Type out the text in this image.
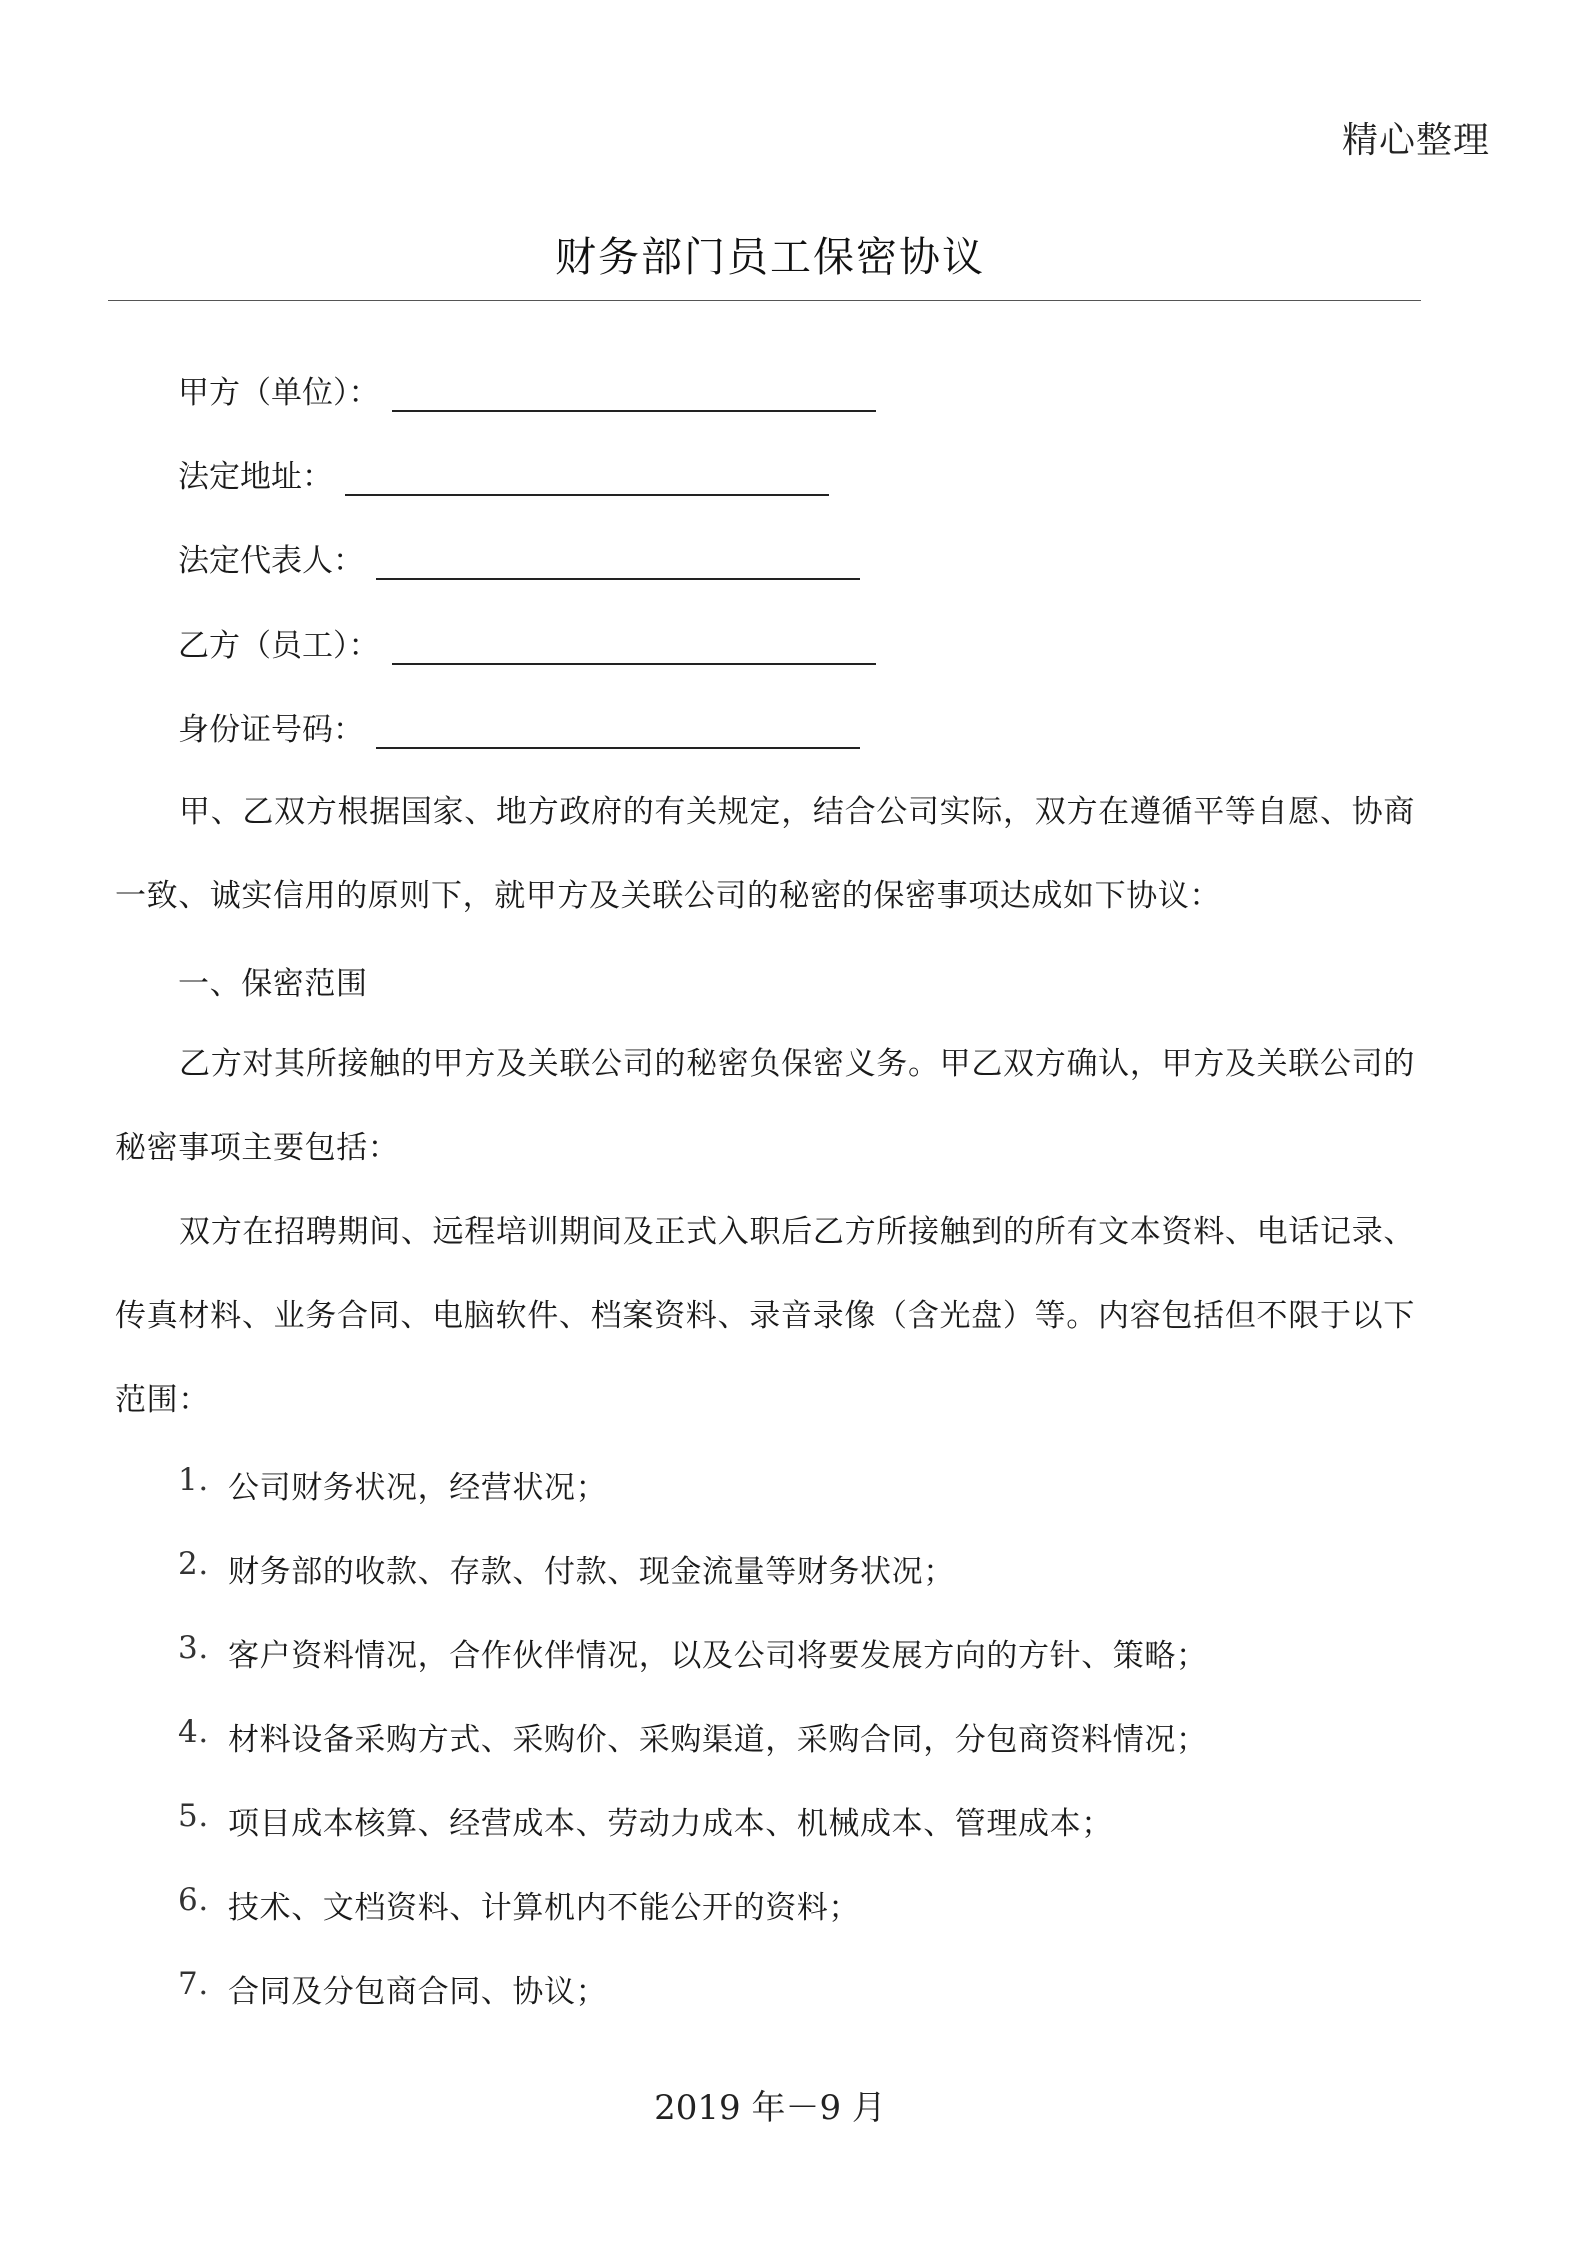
精心整理
财务部门员工保密协议
甲方（单位）：
法定地址：
法定代表人：
乙方（员工）：
身份证号码：
甲、乙双方根据国家、地方政府的有关规定，结合公司实际，双方在遵循平等自愿、协商一致、诚实信用的原则下，就甲方及关联公司的秘密的保密事项达成如下协议：
一、保密范围
乙方对其所接触的甲方及关联公司的秘密负保密义务。甲乙双方确认，甲方及关联公司的秘密事项主要包括：
双方在招聘期间、远程培训期间及正式入职后乙方所接触到的所有文本资料、电话记录、传真材料、业务合同、电脑软件、档案资料、录音录像（含光盘）等。内容包括但不限于以下范围：
1. 公司财务状况，经营状况；
2. 财务部的收款、存款、付款、现金流量等财务状况；
3. 客户资料情况，合作伙伴情况，以及公司将要发展方向的方针、策略；
4. 材料设备采购方式、采购价、采购渠道，采购合同，分包商资料情况；
5. 项目成本核算、经营成本、劳动力成本、机械成本、管理成本；
6. 技术、文档资料、计算机内不能公开的资料；
7. 合同及分包商合同、协议；
2019 年－9 月
